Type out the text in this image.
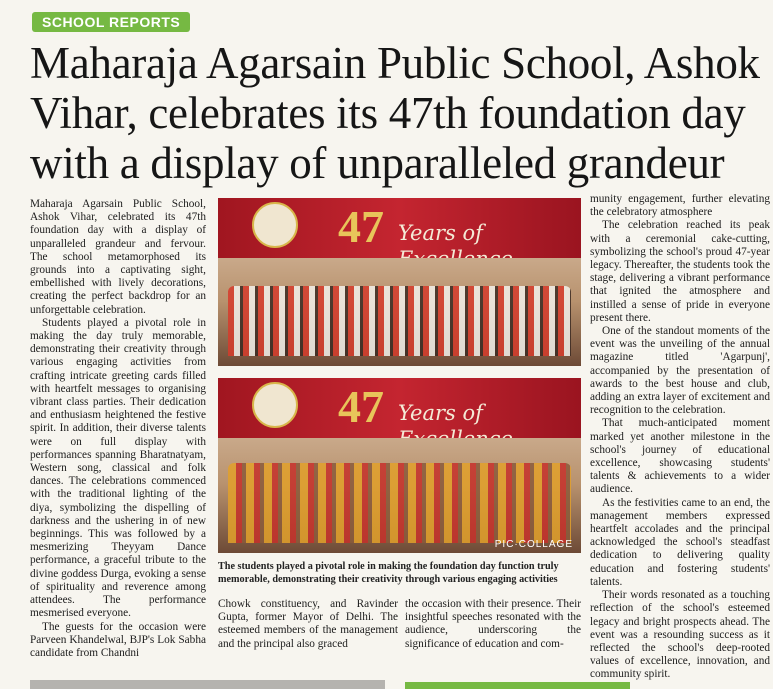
SCHOOL REPORTS
Maharaja Agarsain Public School, Ashok Vihar, celebrates its 47th foundation day with a display of unparalleled grandeur

Maharaja Agarsain Public School, Ashok Vihar, celebrated its 47th foundation day with a display of unparalleled grandeur and fervour. The school metamorphosed its grounds into a captivating sight, embellished with lively decorations, creating the perfect backdrop for an unforgettable celebration.

Students played a pivotal role in making the day truly memorable, demonstrating their creativity through various engaging activities from crafting intricate greeting cards filled with heartfelt messages to organising vibrant class parties. Their dedication and enthusiasm heightened the festive spirit. In addition, their diverse talents were on full display with performances spanning Bharatnatyam, Western song, classical and folk dances. The celebrations commenced with the traditional lighting of the diya, symbolizing the dispelling of darkness and the ushering in of new beginnings. This was followed by a mesmerizing Theyyam Dance performance, a graceful tribute to the divine goddess Durga, evoking a sense of spirituality and reverence among attendees. The performance mesmerised everyone.

The guests for the occasion were Parveen Khandelwal, BJP's Lok Sabha candidate from Chandni

47 Years of
47 Years of
PIC·COLLAGE
The students played a pivotal role in making the foundation day function truly memorable, demonstrating their creativity through various engaging activities

Chowk constituency, and Ravinder Gupta, former Mayor of Delhi. The esteemed members of the management and the principal also graced

the occasion with their presence. Their insightful speeches resonated with the audience, underscoring the significance of education and com-

munity engagement, further elevating the celebratory atmosphere

The celebration reached its peak with a ceremonial cake-cutting, symbolizing the school's proud 47-year legacy. Thereafter, the students took the stage, delivering a vibrant performance that ignited the atmosphere and instilled a sense of pride in everyone present there.

One of the standout moments of the event was the unveiling of the annual magazine titled 'Agarpunj', accompanied by the presentation of awards to the best house and club, adding an extra layer of excitement and recognition to the celebration.

That much-anticipated moment marked yet another milestone in the school's journey of educational excellence, showcasing students' talents & achievements to a wider audience.

As the festivities came to an end, the management members expressed heartfelt accolades and the principal acknowledged the school's steadfast dedication to delivering quality education and fostering students' talents.

Their words resonated as a touching reflection of the school's esteemed legacy and bright prospects ahead. The event was a resounding success as it reflected the school's deep-rooted values of excellence, innovation, and community spirit.
